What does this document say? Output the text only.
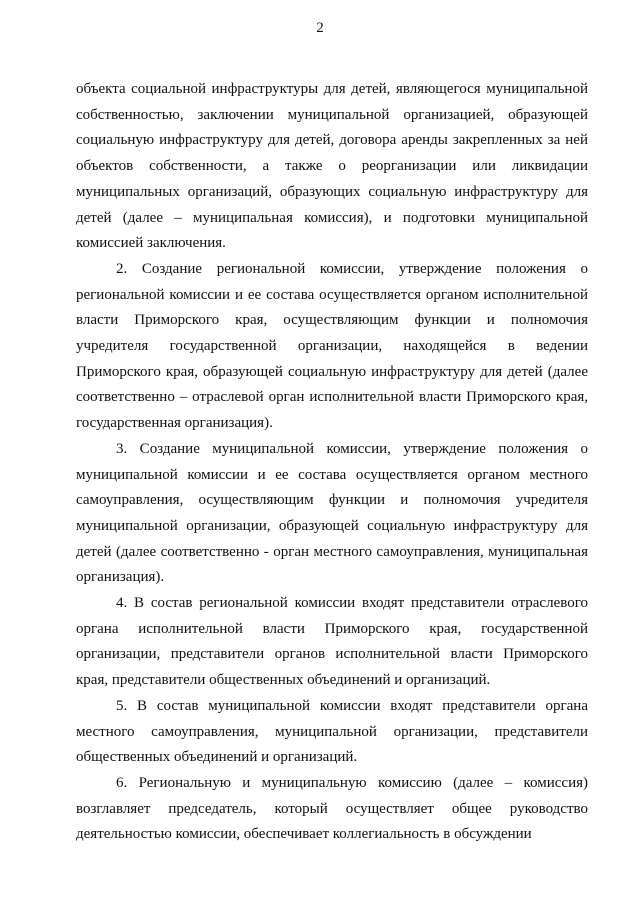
2

объекта социальной инфраструктуры для детей, являющегося муниципальной собственностью, заключении муниципальной организацией, образующей социальную инфраструктуру для детей, договора аренды закрепленных за ней объектов собственности, а также о реорганизации или ликвидации муниципальных организаций, образующих социальную инфраструктуру для детей (далее – муниципальная комиссия), и подготовки муниципальной комиссией заключения.

2. Создание региональной комиссии, утверждение положения о региональной комиссии и ее состава осуществляется органом исполнительной власти Приморского края, осуществляющим функции и полномочия учредителя государственной организации, находящейся в ведении Приморского края, образующей социальную инфраструктуру для детей (далее соответственно – отраслевой орган исполнительной власти Приморского края, государственная организация).

3. Создание муниципальной комиссии, утверждение положения о муниципальной комиссии и ее состава осуществляется органом местного самоуправления, осуществляющим функции и полномочия учредителя муниципальной организации, образующей социальную инфраструктуру для детей (далее соответственно - орган местного самоуправления, муниципальная организация).

4. В состав региональной комиссии входят представители отраслевого органа исполнительной власти Приморского края, государственной организации, представители органов исполнительной власти Приморского края, представители общественных объединений и организаций.

5. В состав муниципальной комиссии входят представители органа местного самоуправления, муниципальной организации, представители общественных объединений и организаций.

6. Региональную и муниципальную комиссию (далее – комиссия) возглавляет председатель, который осуществляет общее руководство деятельностью комиссии, обеспечивает коллегиальность в обсуждении
